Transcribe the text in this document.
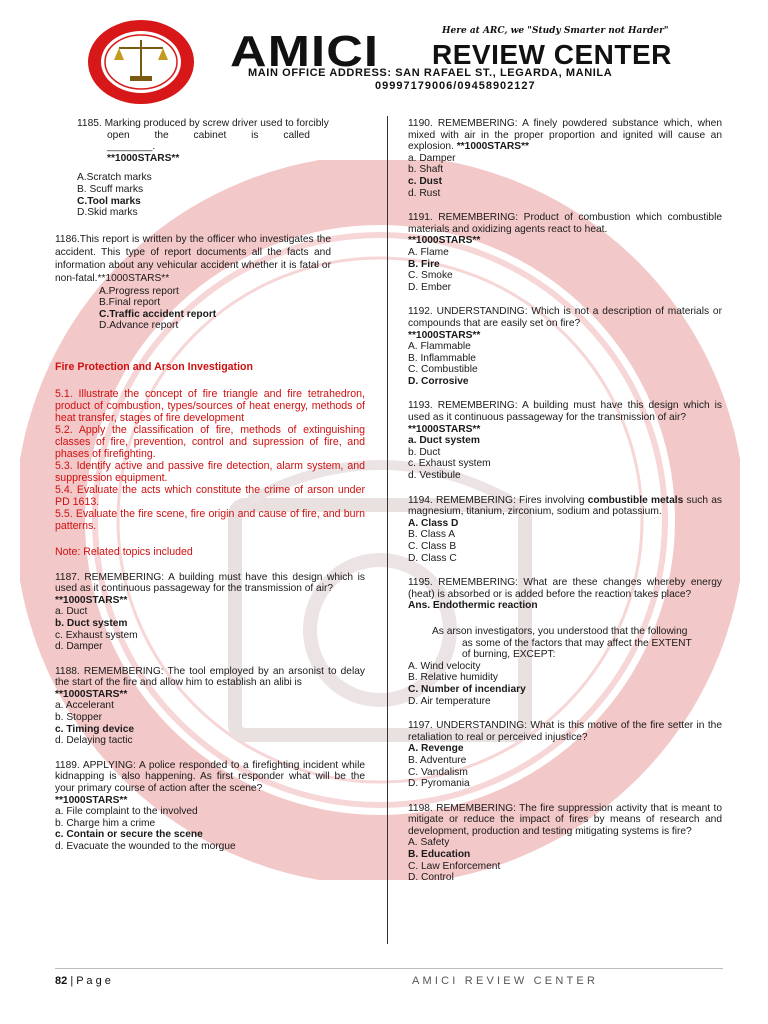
Here at ARC, we "Study Smarter not Harder"
AMICI REVIEW CENTER
MAIN OFFICE ADDRESS: SAN RAFAEL ST., LEGARDA, MANILA
09997179006/09458902127
1185. Marking produced by screw driver used to forcibly
open the cabinet is called ________.
**1000STARS**
A.Scratch marks
B. Scuff marks
C.Tool marks
D.Skid marks
1186.This report is written by the officer who investigates the accident. This type of report documents all the facts and information about any vehicular accident whether it is fatal or non-fatal.**1000STARS**
A.Progress report
B.Final report
C.Traffic accident report
D.Advance report
Fire Protection and Arson Investigation
5.1. Illustrate the concept of fire triangle and fire tetrahedron, product of combustion, types/sources of heat energy, methods of heat transfer, stages of fire development
5.2. Apply the classification of fire, methods of extinguishing classes of fire, prevention, control and supression of fire, and phases of firefighting.
5.3. Identify active and passive fire detection, alarm system, and suppression equipment.
5.4. Evaluate the acts which constitute the crime of arson under PD 1613.
5.5. Evaluate the fire scene, fire origin and cause of fire, and burn patterns.
Note: Related topics included
1187. REMEMBERING: A building must have this design which is used as it continuous passageway for the transmission of air?
**1000STARS**
a. Duct
b. Duct system
c. Exhaust system
d. Damper
1188. REMEMBERING: The tool employed by an arsonist to delay the start of the fire and allow him to establish an alibi is
**1000STARS**
a. Accelerant
b. Stopper
c. Timing device
d. Delaying tactic
1189. APPLYING: A police responded to a firefighting incident while kidnapping is also happening. As first responder what will be the your primary course of action after the scene?
**1000STARS**
a. File complaint to the involved
b. Charge him a crime
c. Contain or secure the scene
d. Evacuate the wounded to the morgue
1190. REMEMBERING: A finely powdered substance which, when mixed with air in the proper proportion and ignited will cause an explosion. **1000STARS**
a. Damper
b. Shaft
c. Dust
d. Rust
1191. REMEMBERING: Product of combustion which combustible materials and oxidizing agents react to heat.
**1000STARS**
A. Flame
B. Fire
C. Smoke
D. Ember
1192. UNDERSTANDING: Which is not a description of materials or compounds that are easily set on fire?
**1000STARS**
A. Flammable
B. Inflammable
C. Combustible
D. Corrosive
1193. REMEMBERING: A building must have this design which is used as it continuous passageway for the transmission of air?
**1000STARS**
a. Duct system
b. Duct
c. Exhaust system
d. Vestibule
1194. REMEMBERING: Fires involving combustible metals such as magnesium, titanium, zirconium, sodium and potassium.
A. Class D
B. Class A
C. Class B
D. Class C
1195. REMEMBERING: What are these changes whereby energy (heat) is absorbed or is added before the reaction takes place?
Ans. Endothermic reaction
As arson investigators, you understood that the following
as some of the factors that may affect the EXTENT
of burning, EXCEPT:
A. Wind velocity
B. Relative humidity
C. Number of incendiary
D. Air temperature
1197. UNDERSTANDING: What is this motive of the fire setter in the retaliation to real or perceived injustice?
A. Revenge
B. Adventure
C. Vandalism
D. Pyromania
1198. REMEMBERING: The fire suppression activity that is meant to mitigate or reduce the impact of fires by means of research and development, production and testing mitigating systems is fire?
A. Safety
B. Education
C. Law Enforcement
D. Control
82 | P a g e	AMICI REVIEW CENTER
